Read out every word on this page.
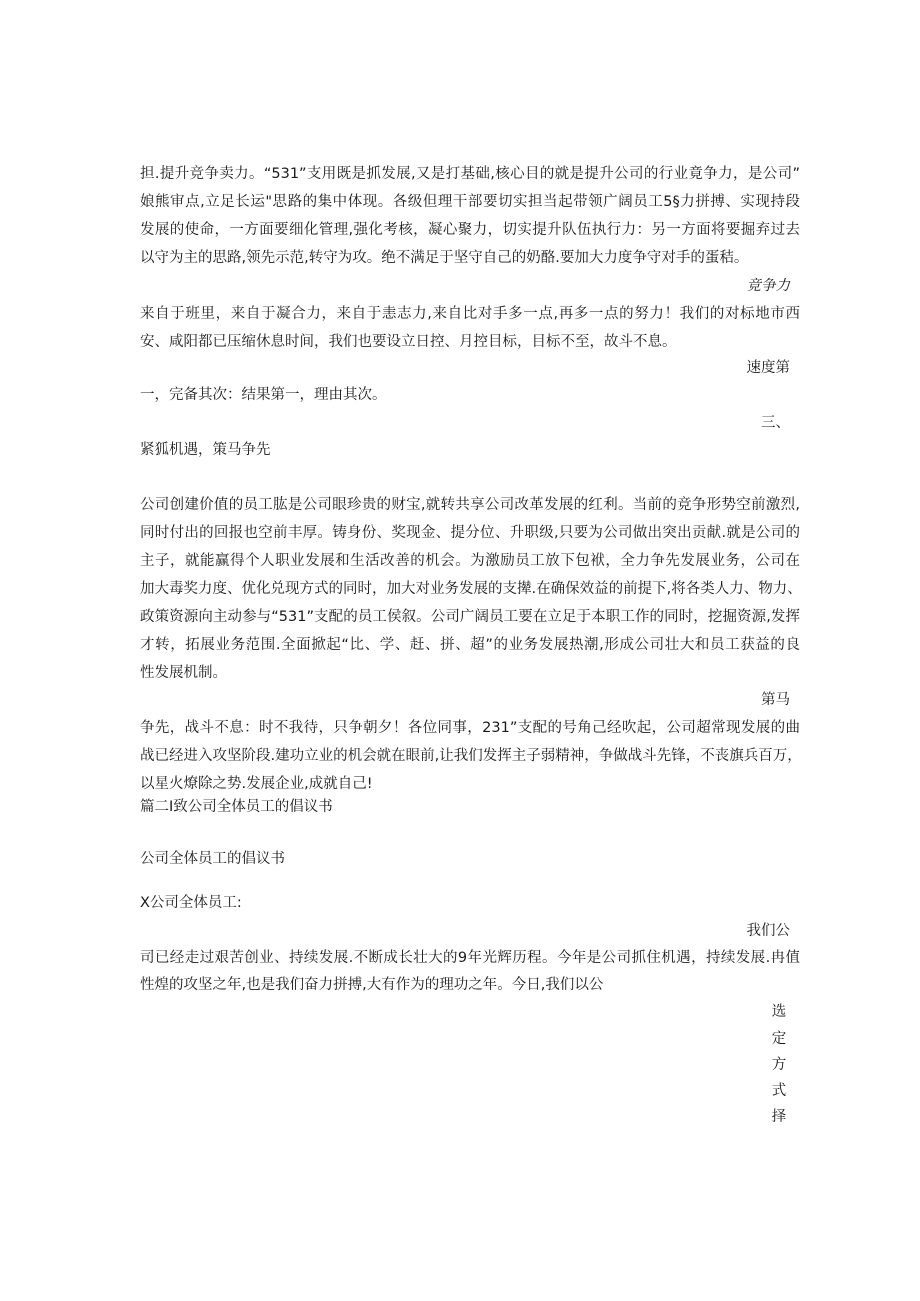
担.提升竞争卖力。“531”支用既是抓发展,又是打基础,核心目的就是提升公司的行业竟争力，是公司”
娘熊审点,立足长运"思路的集中体现。各级但理干部要切实担当起带领广阔员工5§力拼搏、实现持段
发展的使命，一方面要细化管理,强化考核，凝心聚力，切实提升队伍执行力：另一方面将要掘弃过去
以守为主的思路,领先示范,转守为攻。绝不满足于坚守自己的奶酪.要加大力度争守对手的蛋秸。
竞争力
来自于班里，来自于凝合力，来自于恚志力,来自比对手多一点,再多一点的努力！我们的对标地市西
安、咸阳都已压缩休息时间，我们也要设立日控、月控目标，目标不至，故斗不息。
速度第
一，完备其次：结果第一，理由其次。
三、
紧狐机遇，策马争先
公司创建价值的员工肱是公司眼珍贵的财宝,就转共享公司改革发展的红利。当前的竞争形势空前激烈,
同时付出的回报也空前丰厚。铸身份、奖现金、提分位、升职级,只要为公司做出突出贡献.就是公司的
主子，就能赢得个人职业发展和生活改善的机会。为激励员工放下包袱，全力争先发展业务，公司在
加大毒奖力度、优化兑现方式的同时，加大对业务发展的支撵.在确保效益的前提下,将各类人力、物力、
政策资源向主动参与“531”支配的员工侯叙。公司广阔员工要在立足于本职工作的同时，挖掘资源,发挥
才转，拓展业务范围.全面掀起“比、学、赶、拼、超”的业务发展热潮,形成公司壮大和员工获益的良
性发展机制。
第马
争先，战斗不息：时不我待，只争朝夕！各位同事，231”支配的号角己经吹起，公司超常现发展的曲
战已经进入攻坚阶段.建功立业的机会就在眼前,让我们发挥主子弱精神，争做战斗先锋，不丧旗兵百万，
以星火燎除之势.发展企业,成就自己!
篇二I致公司全体员工的倡议书
公司全体员工的倡议书
X公司全体员工:
我们公
司已经走过艰苦创业、持续发展.不断成长壮大的9年光辉历程。今年是公司抓住机遇，持续发展.冉值
性煌的攻坚之年,也是我们奋力拼搏,大有作为的理功之年。今日,我们以公
选
定
方
式
择
